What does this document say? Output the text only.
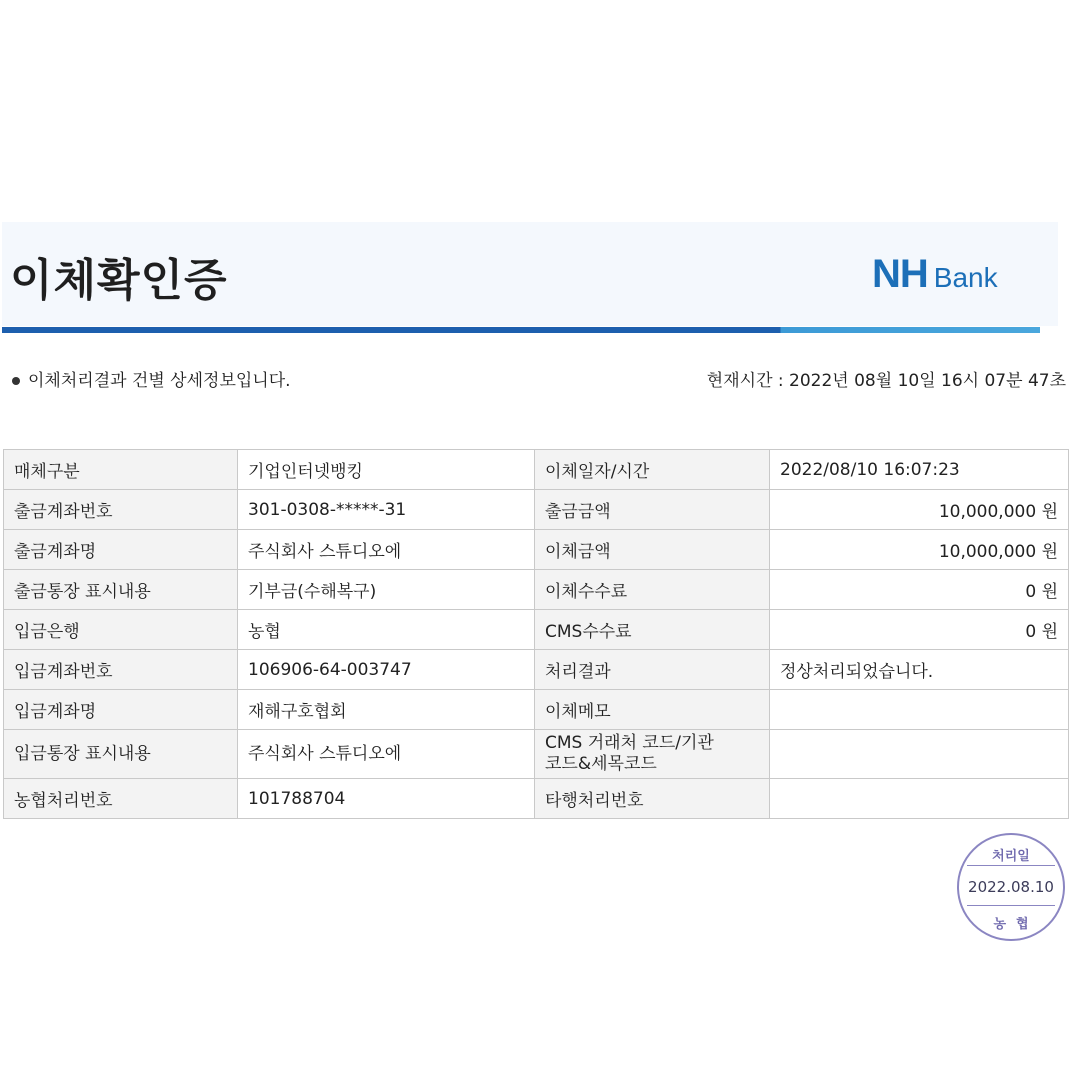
이체확인증	NH Bank
이체처리결과 건별 상세정보입니다.	현재시간 : 2022년 08월 10일 16시 07분 47초
매체구분	기업인터넷뱅킹	이체일자/시간	2022/08/10 16:07:23
출금계좌번호	301-0308-*****-31	출금금액	10,000,000 원
출금계좌명	주식회사 스튜디오에	이체금액	10,000,000 원
출금통장 표시내용	기부금(수해복구)	이체수수료	0 원
입금은행	농협	CMS수수료	0 원
입금계좌번호	106906-64-003747	처리결과	정상처리되었습니다.
입금계좌명	재해구호협회	이체메모	
입금통장 표시내용	주식회사 스튜디오에	CMS 거래처 코드/기관코드&세목코드	
농협처리번호	101788704	타행처리번호	
처리일
2022.08.10
농협
